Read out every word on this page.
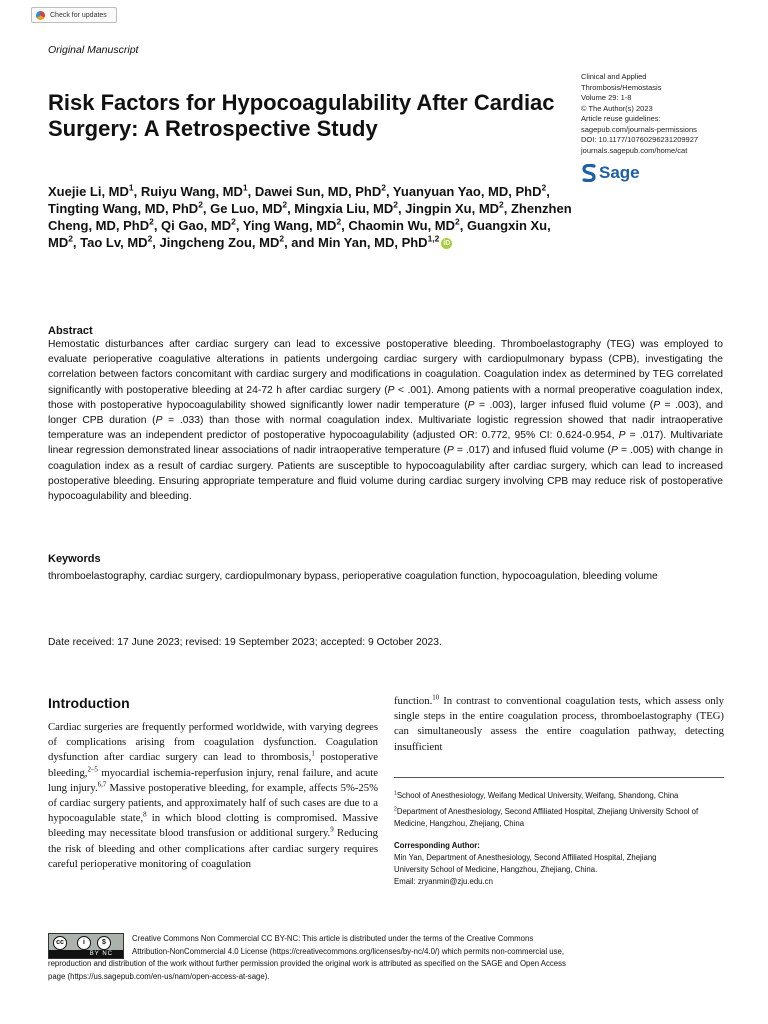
Check for updates
Original Manuscript
Clinical and Applied
Thrombosis/Hemostasis
Volume 29: 1-8
© The Author(s) 2023
Article reuse guidelines:
sagepub.com/journals-permissions
DOI: 10.1177/10760296231209927
journals.sagepub.com/home/cat
Sage
Risk Factors for Hypocoagulability After Cardiac Surgery: A Retrospective Study
Xuejie Li, $MD^1$, Ruiyu Wang, $MD^1$, Dawei Sun, MD, PhD$^2$, Yuanyuan Yao, MD, PhD$^2$, Tingting Wang, MD, PhD$^2$, Ge Luo, $MD^2$, Mingxia Liu, $MD^2$, Jingpin Xu, $MD^2$, Zhenzhen Cheng, MD, PhD$^2$, Qi Gao, $MD^2$, Ying Wang, $MD^2$, Chaomin Wu, $MD^2$, Guangxin Xu, $MD^2$, Tao Lv, $MD^2$, Jingcheng Zou, $MD^2$, and Min Yan, MD, PhD$^{1,2}$ iD
Abstract
Hemostatic disturbances after cardiac surgery can lead to excessive postoperative bleeding. Thromboelastography (TEG) was employed to evaluate perioperative coagulative alterations in patients undergoing cardiac surgery with cardiopulmonary bypass (CPB), investigating the correlation between factors concomitant with cardiac surgery and modifications in coagulation. Coagulation index as determined by TEG correlated significantly with postoperative bleeding at 24-72 h after cardiac surgery (P < .001). Among patients with a normal preoperative coagulation index, those with postoperative hypocoagulability showed significantly lower nadir temperature (P = .003), larger infused fluid volume (P = .003), and longer CPB duration (P = .033) than those with normal coagulation index. Multivariate logistic regression showed that nadir intraoperative temperature was an independent predictor of postoperative hypocoagulability (adjusted OR: 0.772, 95% CI: 0.624-0.954, P = .017). Multivariate linear regression demonstrated linear associations of nadir intraoperative temperature (P = .017) and infused fluid volume (P = .005) with change in coagulation index as a result of cardiac surgery. Patients are susceptible to hypocoagulability after cardiac surgery, which can lead to increased postoperative bleeding. Ensuring appropriate temperature and fluid volume during cardiac surgery involving CPB may reduce risk of postoperative hypocoagulability and bleeding.
Keywords
thromboelastography, cardiac surgery, cardiopulmonary bypass, perioperative coagulation function, hypocoagulation, bleeding volume
Date received: 17 June 2023; revised: 19 September 2023; accepted: 9 October 2023.
Introduction
Cardiac surgeries are frequently performed worldwide, with varying degrees of complications arising from coagulation dysfunction. Coagulation dysfunction after cardiac surgery can lead to thrombosis,$^1$ postoperative bleeding,$^{2-5}$ myocardial ischemia-reperfusion injury, renal failure, and acute lung injury.$^{6,7}$ Massive postoperative bleeding, for example, affects 5%-25% of cardiac surgery patients, and approximately half of such cases are due to a hypocoagulable state,$^8$ in which blood clotting is compromised. Massive bleeding may necessitate blood transfusion or additional surgery.$^9$ Reducing the risk of bleeding and other complications after cardiac surgery requires careful perioperative monitoring of coagulation
function.$^{10}$ In contrast to conventional coagulation tests, which assess only single steps in the entire coagulation process, thromboelastography (TEG) can simultaneously assess the entire coagulation pathway, detecting insufficient

$^1$School of Anesthesiology, Weifang Medical University, Weifang, Shandong, China

$^2$Department of Anesthesiology, Second Affiliated Hospital, Zhejiang University School of Medicine, Hangzhou, Zhejiang, China

Corresponding Author:
Min Yan, Department of Anesthesiology, Second Affiliated Hospital, Zhejiang
University School of Medicine, Hangzhou, Zhejiang, China.
Email: zryanmin@zju.edu.cn

cc	i	$
BY NC
Creative Commons Non Commercial CC BY-NC: This article is distributed under the terms of the Creative Commons
Attribution-NonCommercial 4.0 License (https://creativecommons.org/licenses/by-nc/4.0/) which permits non-commercial use,
reproduction and distribution of the work without further permission provided the original work is attributed as specified on the SAGE and Open Access
page (https://us.sagepub.com/en-us/nam/open-access-at-sage).
